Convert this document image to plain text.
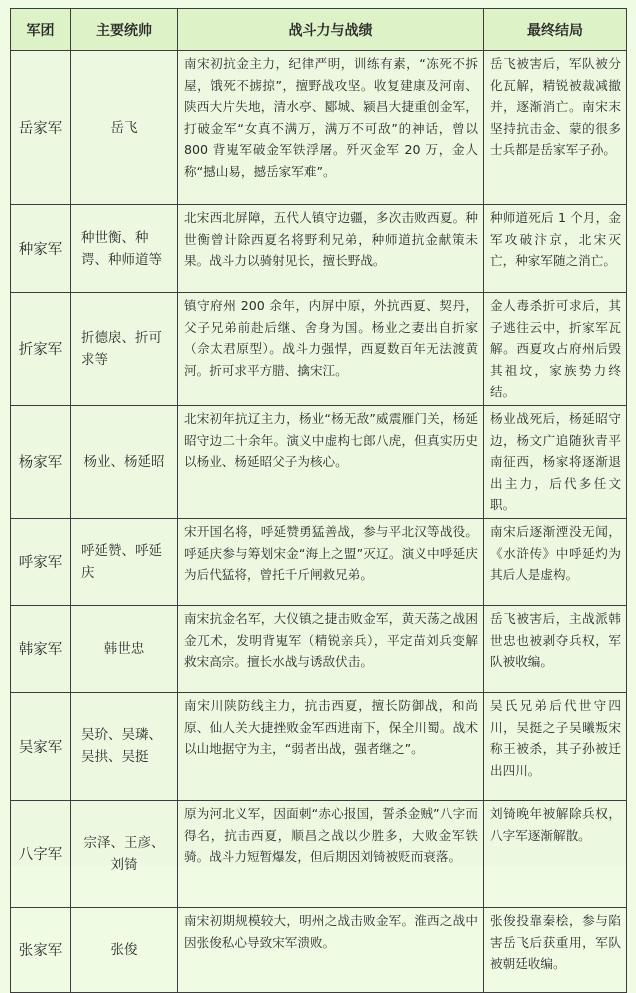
军团	主要统帅	战斗力与战绩	最终结局
岳家军	岳飞	南宋初抗金主力，纪律严明，训练有素，“冻死不拆屋，饿死不掳掠”，擅野战攻坚。收复建康及河南、陕西大片失地，清水亭、郾城、颍昌大捷重创金军，打破金军“女真不满万，满万不可敌”的神话，曾以 800 背嵬军破金军铁浮屠。歼灭金军 20 万，金人称“撼山易，撼岳家军难”。	岳飞被害后，军队被分化瓦解，精锐被裁减撤并，逐渐消亡。南宋末坚持抗击金、蒙的很多士兵都是岳家军子孙。
种家军	种世衡、种谔、种师道等	北宋西北屏障，五代人镇守边疆，多次击败西夏。种世衡曾计除西夏名将野利兄弟，种师道抗金献策未果。战斗力以骑射见长，擅长野战。	种师道死后 1 个月，金军攻破汴京，北宋灭亡，种家军随之消亡。
折家军	折德扆、折可求等	镇守府州 200 余年，内屏中原，外抗西夏、契丹，父子兄弟前赴后继、舍身为国。杨业之妻出自折家（佘太君原型）。战斗力强悍，西夏数百年无法渡黄河。折可求平方腊、擒宋江。	金人毒杀折可求后，其子逃往云中，折家军瓦解。西夏攻占府州后毁其祖坟，家族势力终结。
杨家军	杨业、杨延昭	北宋初年抗辽主力，杨业“杨无敌”威震雁门关，杨延昭守边二十余年。演义中虚构七郎八虎，但真实历史以杨业、杨延昭父子为核心。	杨业战死后，杨延昭守边，杨文广追随狄青平南征西，杨家将逐渐退出主力，后代多任文职。
呼家军	呼延赞、呼延庆	宋开国名将，呼延赞勇猛善战，参与平北汉等战役。呼延庆参与筹划宋金“海上之盟”灭辽。演义中呼延庆为后代猛将，曾托千斤闸救兄弟。	南宋后逐渐湮没无闻，《水浒传》中呼延灼为其后人是虚构。
韩家军	韩世忠	南宋抗金名军，大仪镇之捷击败金军，黄天荡之战困金兀术，发明背嵬军（精锐亲兵），平定苗刘兵变解救宋高宗。擅长水战与诱敌伏击。	岳飞被害后，主战派韩世忠也被剥夺兵权，军队被收编。
吴家军	吴玠、吴璘、吴拱、吴挺	南宋川陕防线主力，抗击西夏，擅长防御战，和尚原、仙人关大捷挫败金军西进南下，保全川蜀。战术以山地据守为主，“弱者出战，强者继之”。	吴氏兄弟后代世守四川，吴挺之子吴曦叛宋称王被杀，其子孙被迁出四川。
八字军	宗泽、王彦、刘锜	原为河北义军，因面刺“赤心报国，誓杀金贼”八字而得名，抗击西夏，顺昌之战以少胜多，大败金军铁骑。战斗力短暂爆发，但后期因刘锜被贬而衰落。	刘锜晚年被解除兵权，八字军逐渐解散。
张家军	张俊	南宋初期规模较大，明州之战击败金军。淮西之战中因张俊私心导致宋军溃败。	张俊投靠秦桧，参与陷害岳飞后获重用，军队被朝廷收编。
